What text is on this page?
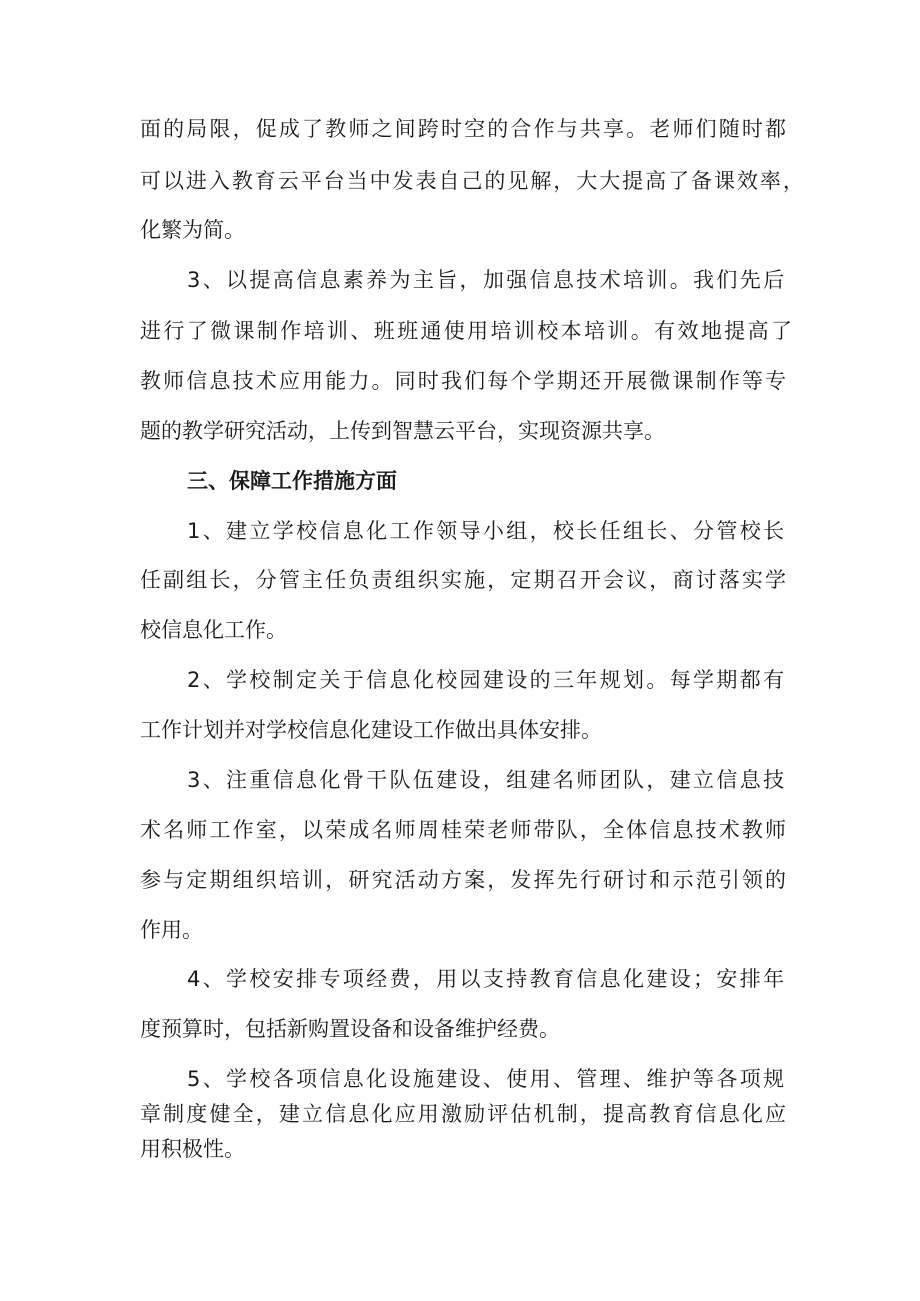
面的局限，促成了教师之间跨时空的合作与共享。老师们随时都

可以进入教育云平台当中发表自己的见解，大大提高了备课效率，

化繁为简。

3、以提高信息素养为主旨，加强信息技术培训。我们先后

进行了微课制作培训、班班通使用培训校本培训。有效地提高了

教师信息技术应用能力。同时我们每个学期还开展微课制作等专

题的教学研究活动，上传到智慧云平台，实现资源共享。

三、保障工作措施方面

1、建立学校信息化工作领导小组，校长任组长、分管校长

任副组长，分管主任负责组织实施，定期召开会议，商讨落实学

校信息化工作。

2、学校制定关于信息化校园建设的三年规划。每学期都有

工作计划并对学校信息化建设工作做出具体安排。

3、注重信息化骨干队伍建设，组建名师团队，建立信息技

术名师工作室，以荣成名师周桂荣老师带队，全体信息技术教师

参与定期组织培训，研究活动方案，发挥先行研讨和示范引领的

作用。

4、学校安排专项经费，用以支持教育信息化建设；安排年

度预算时，包括新购置设备和设备维护经费。

5、学校各项信息化设施建设、使用、管理、维护等各项规

章制度健全，建立信息化应用激励评估机制，提高教育信息化应

用积极性。
